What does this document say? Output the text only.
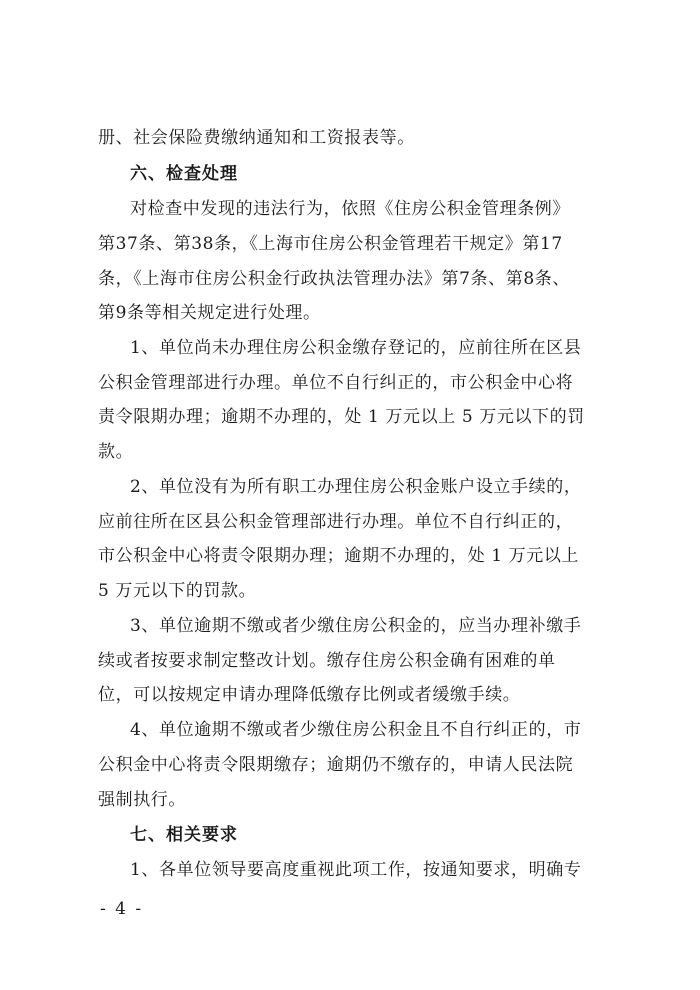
册、社会保险费缴纳通知和工资报表等。
六、检查处理
对检查中发现的违法行为，依照《住房公积金管理条例》
第37条、第38条，《上海市住房公积金管理若干规定》第17
条，《上海市住房公积金行政执法管理办法》第7条、第8条、
第9条等相关规定进行处理。
1、单位尚未办理住房公积金缴存登记的，应前往所在区县
公积金管理部进行办理。单位不自行纠正的，市公积金中心将
责令限期办理；逾期不办理的，处 1 万元以上 5 万元以下的罚
款。
2、单位没有为所有职工办理住房公积金账户设立手续的，
应前往所在区县公积金管理部进行办理。单位不自行纠正的，
市公积金中心将责令限期办理；逾期不办理的，处 1 万元以上
5 万元以下的罚款。
3、单位逾期不缴或者少缴住房公积金的，应当办理补缴手
续或者按要求制定整改计划。缴存住房公积金确有困难的单
位，可以按规定申请办理降低缴存比例或者缓缴手续。
4、单位逾期不缴或者少缴住房公积金且不自行纠正的，市
公积金中心将责令限期缴存；逾期仍不缴存的，申请人民法院
强制执行。
七、相关要求
1、各单位领导要高度重视此项工作，按通知要求，明确专
- 4 -
